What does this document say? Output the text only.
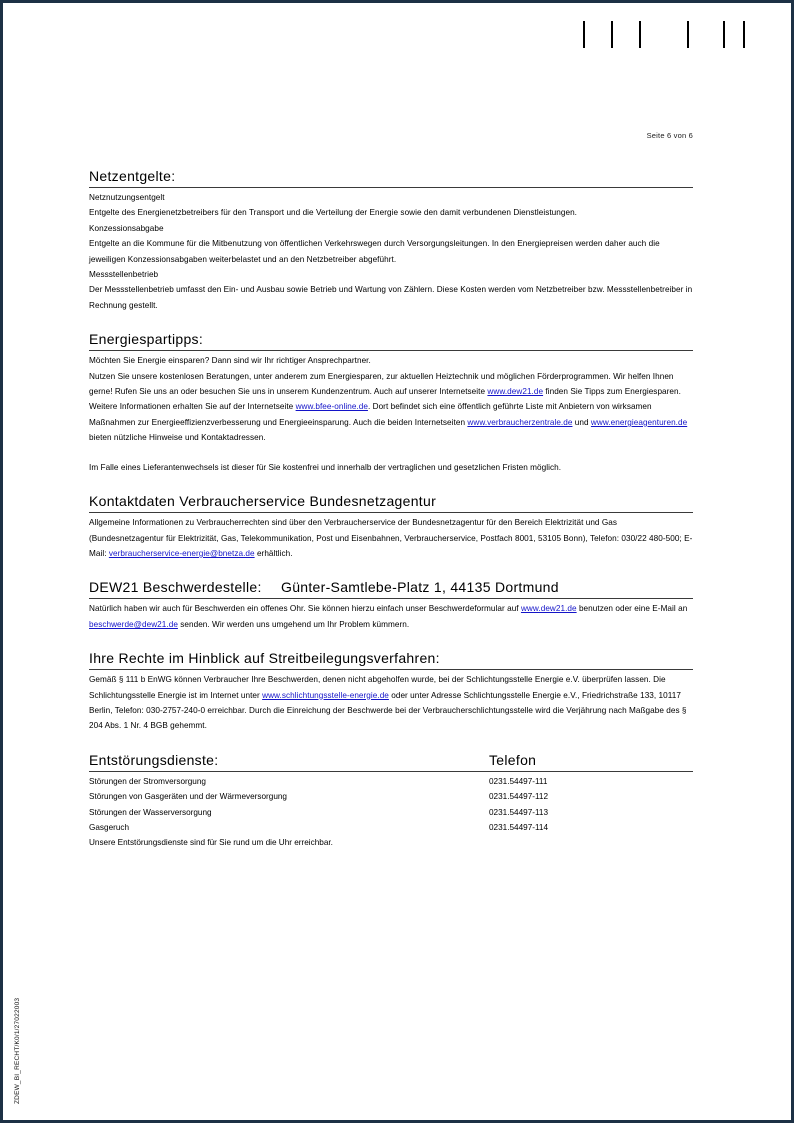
ZDEW_BI_RECHT/K0/1/27022003
Seite 6 von 6
Netzentgelte:

Netznutzungsentgelt

Entgelte des Energienetzbetreibers für den Transport und die Verteilung der Energie sowie den damit verbundenen Dienstleistungen.

Konzessionsabgabe

Entgelte an die Kommune für die Mitbenutzung von öffentlichen Verkehrswegen durch Versorgungsleitungen. In den Energiepreisen werden daher auch die jeweiligen Konzessionsabgaben weiterbelastet und an den Netzbetreiber abgeführt.

Messstellenbetrieb

Der Messstellenbetrieb umfasst den Ein- und Ausbau sowie Betrieb und Wartung von Zählern. Diese Kosten werden vom Netzbetreiber bzw. Messstellenbetreiber in Rechnung gestellt.

Energiespartipps:

Möchten Sie Energie einsparen? Dann sind wir Ihr richtiger Ansprechpartner.

Nutzen Sie unsere kostenlosen Beratungen, unter anderem zum Energiesparen, zur aktuellen Heiztechnik und möglichen Förderprogrammen. Wir helfen Ihnen gerne! Rufen Sie uns an oder besuchen Sie uns in unserem Kundenzentrum. Auch auf unserer Internetseite www.dew21.de finden Sie Tipps zum Energiesparen. Weitere Informationen erhalten Sie auf der Internetseite www.bfee-online.de. Dort befindet sich eine öffentlich geführte Liste mit Anbietern von wirksamen Maßnahmen zur Energieeffizienzverbesserung und Energieeinsparung. Auch die beiden Internetseiten www.verbraucherzentrale.de und www.energieagenturen.de bieten nützliche Hinweise und Kontaktadressen.

Im Falle eines Lieferantenwechsels ist dieser für Sie kostenfrei und innerhalb der vertraglichen und gesetzlichen Fristen möglich.

Kontaktdaten Verbraucherservice Bundesnetzagentur

Allgemeine Informationen zu Verbraucherrechten sind über den Verbraucherservice der Bundesnetzagentur für den Bereich Elektrizität und Gas (Bundesnetzagentur für Elektrizität, Gas, Telekommunikation, Post und Eisenbahnen, Verbraucherservice, Postfach 8001, 53105 Bonn), Telefon: 030/22 480-500; E-Mail: verbraucherservice-energie@bnetza.de erhältlich.

DEW21 Beschwerdestelle:	Günter-Samtlebe-Platz 1, 44135 Dortmund

Natürlich haben wir auch für Beschwerden ein offenes Ohr. Sie können hierzu einfach unser Beschwerdeformular auf www.dew21.de benutzen oder eine E-Mail an beschwerde@dew21.de senden. Wir werden uns umgehend um Ihr Problem kümmern.

Ihre Rechte im Hinblick auf Streitbeilegungsverfahren:

Gemäß § 111 b EnWG können Verbraucher Ihre Beschwerden, denen nicht abgeholfen wurde, bei der Schlichtungsstelle Energie e.V. überprüfen lassen. Die Schlichtungsstelle Energie ist im Internet unter www.schlichtungsstelle-energie.de oder unter Adresse Schlichtungsstelle Energie e.V., Friedrichstraße 133, 10117 Berlin, Telefon: 030-2757-240-0 erreichbar. Durch die Einreichung der Beschwerde bei der Verbraucherschlichtungsstelle wird die Verjährung nach Maßgabe des § 204 Abs. 1 Nr. 4 BGB gehemmt.

Entstörungsdienste:	Telefon
Störungen der Stromversorgung	0231.54497-111
Störungen von Gasgeräten und der Wärmeversorgung	0231.54497-112
Störungen der Wasserversorgung	0231.54497-113
Gasgeruch	0231.54497-114

Unsere Entstörungsdienste sind für Sie rund um die Uhr erreichbar.
